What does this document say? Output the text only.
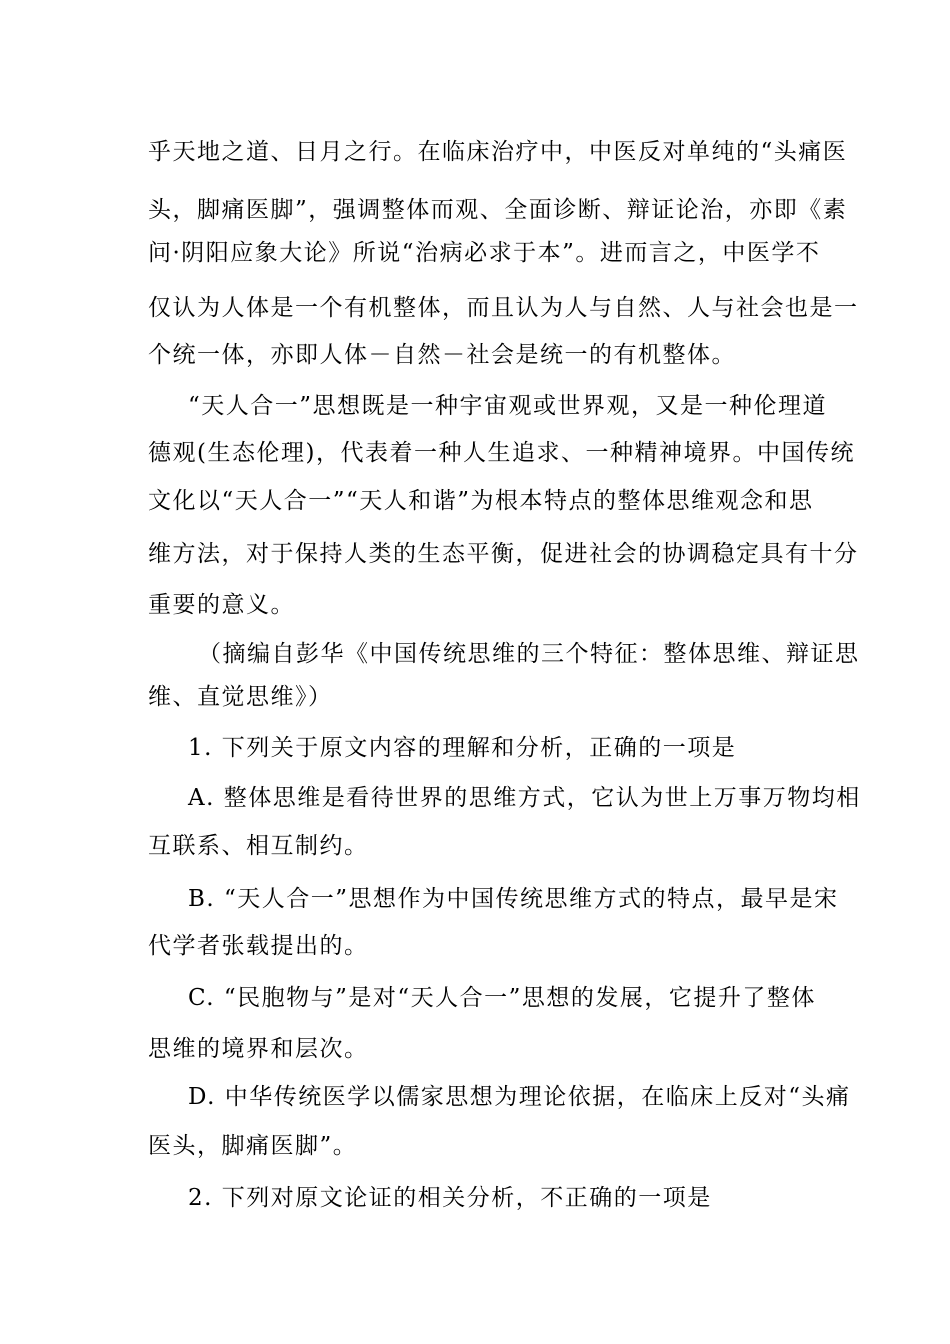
乎天地之道、日月之行。在临床治疗中，中医反对单纯的“头痛医
头，脚痛医脚”，强调整体而观、全面诊断、辩证论治，亦即《素
问·阴阳应象大论》所说“治病必求于本”。进而言之，中医学不
仅认为人体是一个有机整体，而且认为人与自然、人与社会也是一
个统一体，亦即人体－自然－社会是统一的有机整体。
“天人合一”思想既是一种宇宙观或世界观，又是一种伦理道
德观(生态伦理)，代表着一种人生追求、一种精神境界。中国传统
文化以“天人合一”“天人和谐”为根本特点的整体思维观念和思
维方法，对于保持人类的生态平衡，促进社会的协调稳定具有十分
重要的意义。
（摘编自彭华《中国传统思维的三个特征：整体思维、辩证思
维、直觉思维》）
1. 下列关于原文内容的理解和分析，正确的一项是
A. 整体思维是看待世界的思维方式，它认为世上万事万物均相
互联系、相互制约。
B. “天人合一”思想作为中国传统思维方式的特点，最早是宋
代学者张载提出的。
C. “民胞物与”是对“天人合一”思想的发展，它提升了整体
思维的境界和层次。
D. 中华传统医学以儒家思想为理论依据，在临床上反对“头痛
医头，脚痛医脚”。
2. 下列对原文论证的相关分析，不正确的一项是
